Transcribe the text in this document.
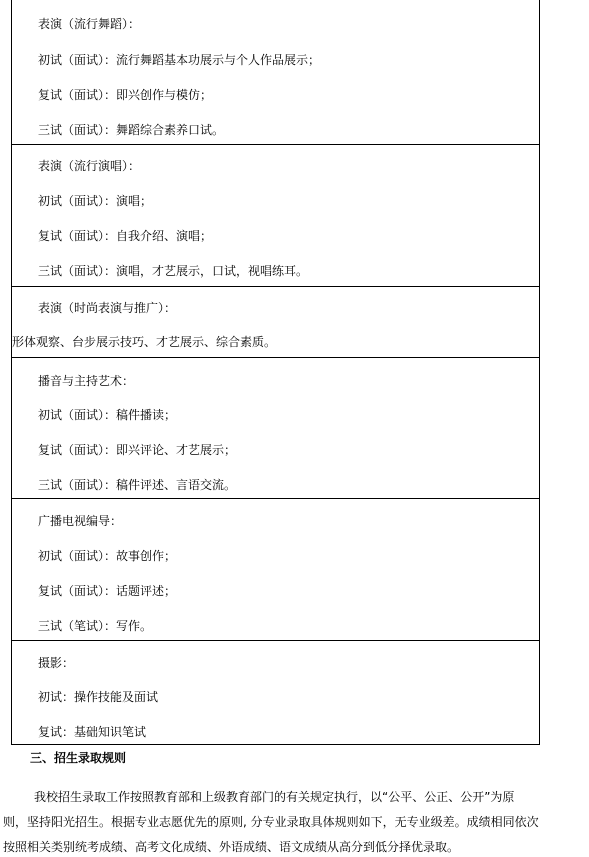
表演（流行舞蹈）：
初试（面试）：流行舞蹈基本功展示与个人作品展示；
复试（面试）：即兴创作与模仿；
三试（面试）：舞蹈综合素养口试。
表演（流行演唱）：
初试（面试）：演唱；
复试（面试）：自我介绍、演唱；
三试（面试）：演唱，才艺展示，口试，视唱练耳。
表演（时尚表演与推广）：
形体观察、台步展示技巧、才艺展示、综合素质。
播音与主持艺术：
初试（面试）：稿件播读；
复试（面试）：即兴评论、才艺展示；
三试（面试）：稿件评述、言语交流。
广播电视编导：
初试（面试）：故事创作；
复试（面试）：话题评述；
三试（笔试）：写作。
摄影：
初试：操作技能及面试
复试：基础知识笔试
三、招生录取规则
我校招生录取工作按照教育部和上级教育部门的有关规定执行，以“公平、公正、公开”为原
则，坚持阳光招生。根据专业志愿优先的原则, 分专业录取具体规则如下，无专业级差。成绩相同依次
按照相关类别统考成绩、高考文化成绩、外语成绩、语文成绩从高分到低分择优录取。
